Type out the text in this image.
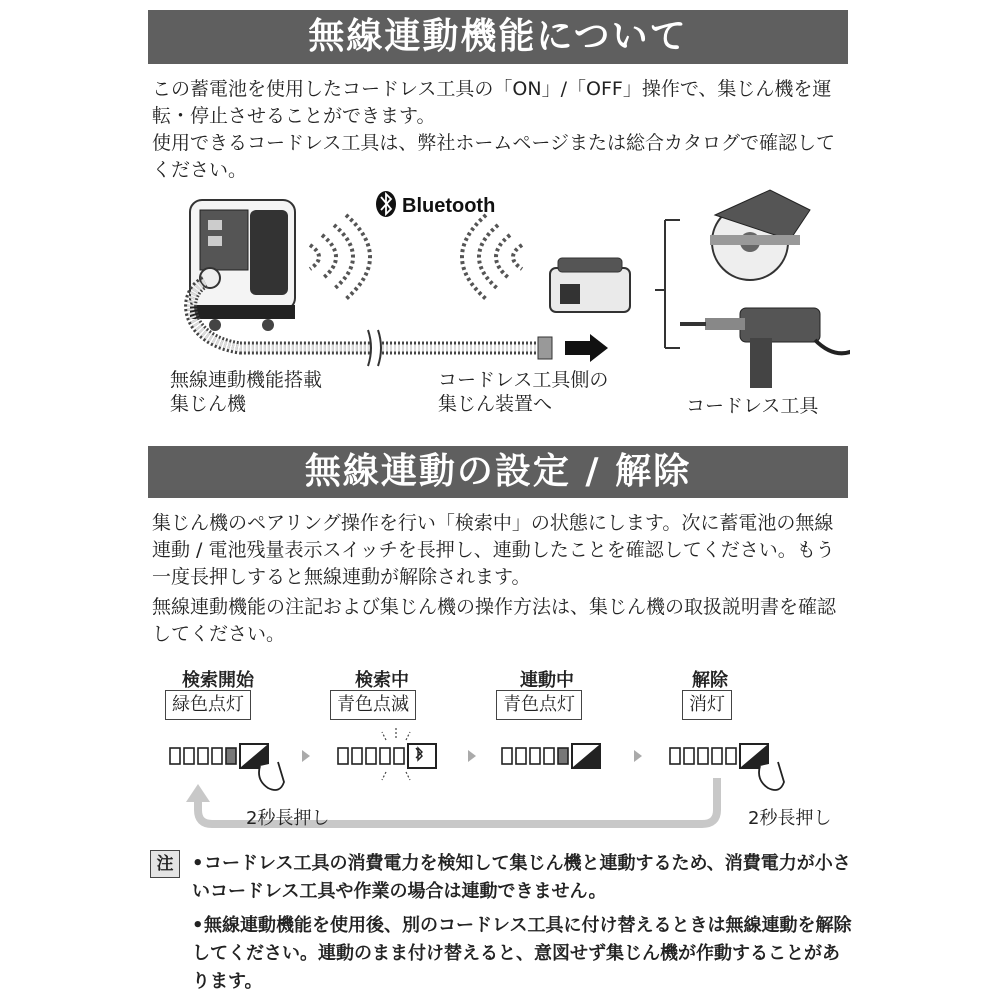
無線連動機能について

この蓄電池を使用したコードレス工具の「ON」/「OFF」操作で、集じん機を運転・停止させることができます。

使用できるコードレス工具は、弊社ホームページまたは総合カタログで確認してください。

Bluetooth
無線連動機能搭載
集じん機
コードレス工具側の
集じん装置へ	コードレス工具
無線連動の設定 / 解除

集じん機のペアリング操作を行い「検索中」の状態にします。次に蓄電池の無線連動 / 電池残量表示スイッチを長押し、連動したことを確認してください。もう一度長押しすると無線連動が解除されます。

無線連動機能の注記および集じん機の操作方法は、集じん機の取扱説明書を確認してください。

検索開始	検索中	連動中	解除
緑色点灯	青色点滅	青色点灯	消灯
2秒長押し	2秒長押し
注	•コードレス工具の消費電力を検知して集じん機と連動するため、消費電力が小さいコードレス工具や作業の場合は連動できません。

•無線連動機能を使用後、別のコードレス工具に付け替えるときは無線連動を解除してください。連動のまま付け替えると、意図せず集じん機が作動することがあります。
